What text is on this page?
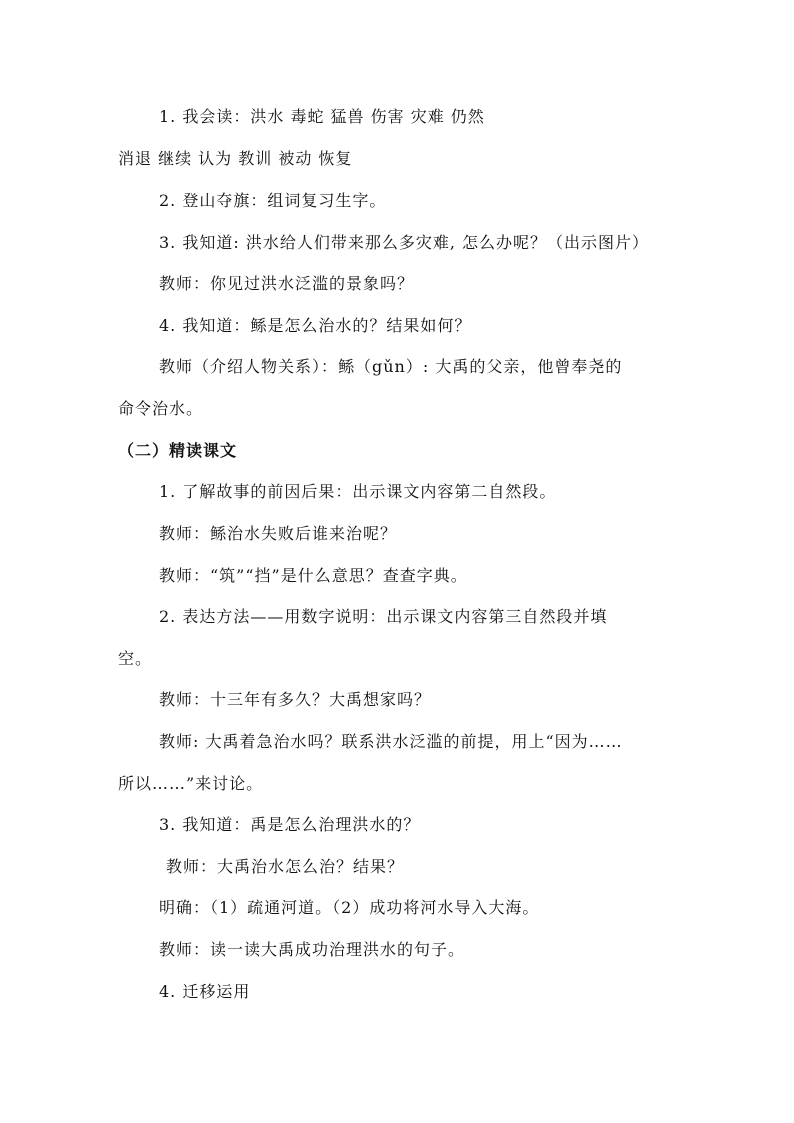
1. 我会读：洪水 毒蛇 猛兽 伤害 灾难 仍然
消退 继续 认为 教训 被动 恢复
2. 登山夺旗：组词复习生字。
3. 我知道: 洪水给人们带来那么多灾难, 怎么办呢？（出示图片）
教师：你见过洪水泛滥的景象吗？
4. 我知道：鲧是怎么治水的？结果如何？
教师（介绍人物关系）：鲧（gǔn）: 大禹的父亲，他曾奉尧的
命令治水。
（二）精读课文
1. 了解故事的前因后果：出示课文内容第二自然段。
教师：鲧治水失败后谁来治呢？
教师：“筑”“挡”是什么意思？查查字典。
2. 表达方法——用数字说明：出示课文内容第三自然段并填
空。
教师：十三年有多久？大禹想家吗？
教师: 大禹着急治水吗？联系洪水泛滥的前提，用上“因为……
所以……”来讨论。
3. 我知道：禹是怎么治理洪水的？
教师：大禹治水怎么治？结果？
明确：（1）疏通河道。（2）成功将河水导入大海。
教师：读一读大禹成功治理洪水的句子。
4. 迁移运用
